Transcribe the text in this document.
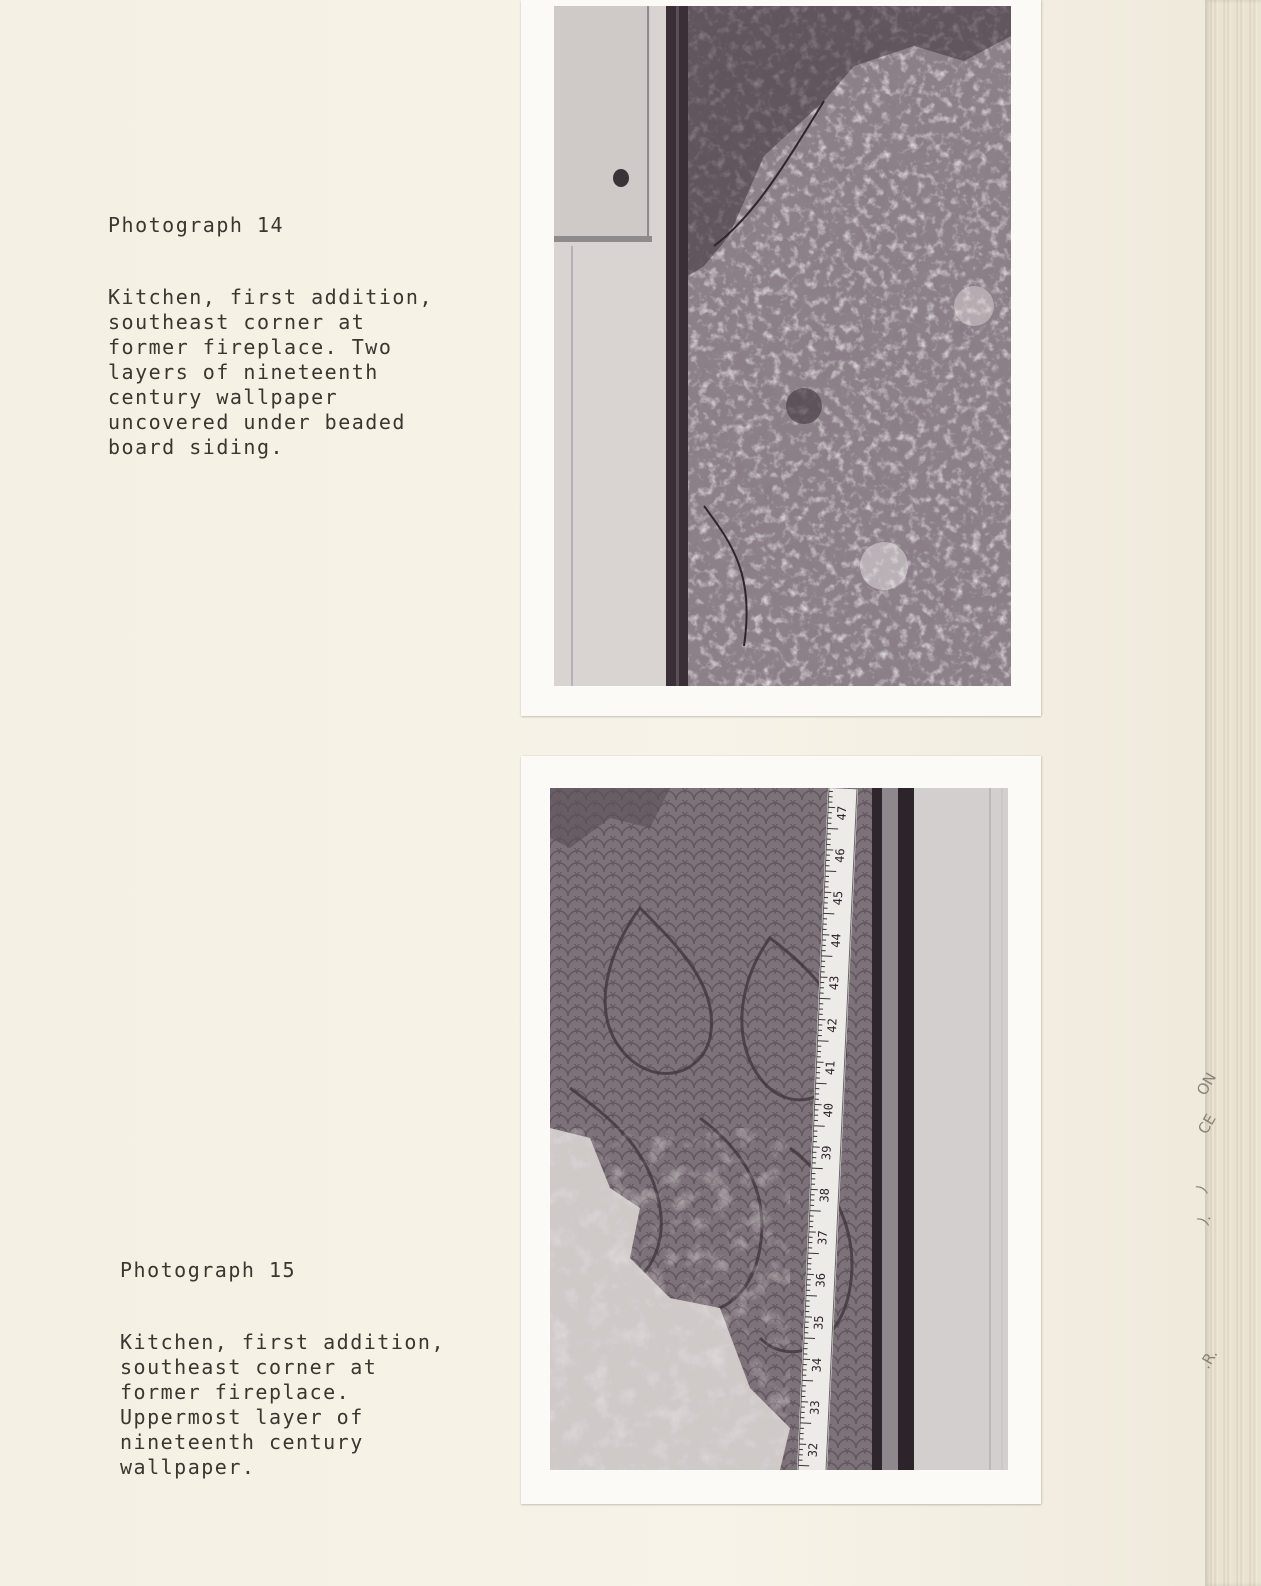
ON
CE
)
).
.R.

Photograph 14

Kitchen, first addition,
southeast corner at
former fireplace. Two
layers of nineteenth
century wallpaper
uncovered under beaded
board siding.

Photograph 15

Kitchen, first addition,
southeast corner at
former fireplace.
Uppermost layer of
nineteenth century
wallpaper.

32
33
34
35
36
37
38
39
40
41
42
43
44
45
46
47
